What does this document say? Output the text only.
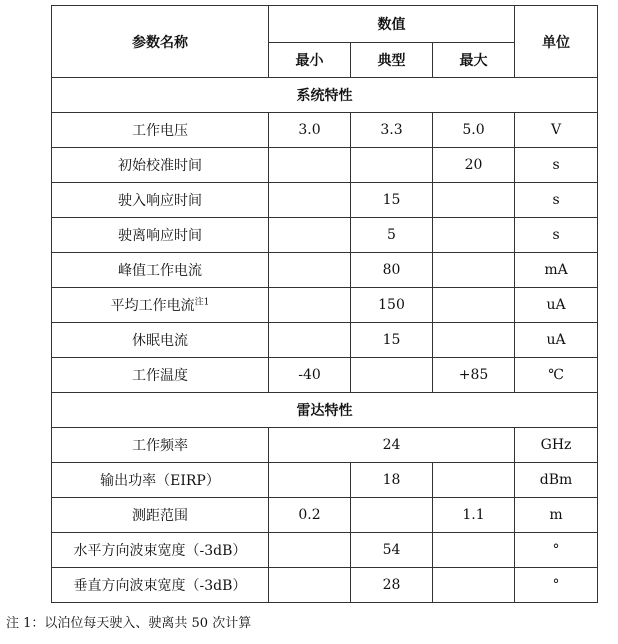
参数名称	数值			单位
	最小	典型	最大	
系统特性				
工作电压	3.0	3.3	5.0	V
初始校准时间			20	s
驶入响应时间		15		s
驶离响应时间		5		s
峰值工作电流		80		mA
平均工作电流$^{注1}$		150		uA
休眠电流		15		uA
工作温度	-40		+85	℃
雷达特性				
工作频率	24			GHz
输出功率（EIRP）		18		dBm
测距范围	0.2		1.1	m
水平方向波束宽度（-3dB）		54		°
垂直方向波束宽度（-3dB）		28		°
注 1：以泊位每天驶入、驶离共 50 次计算
